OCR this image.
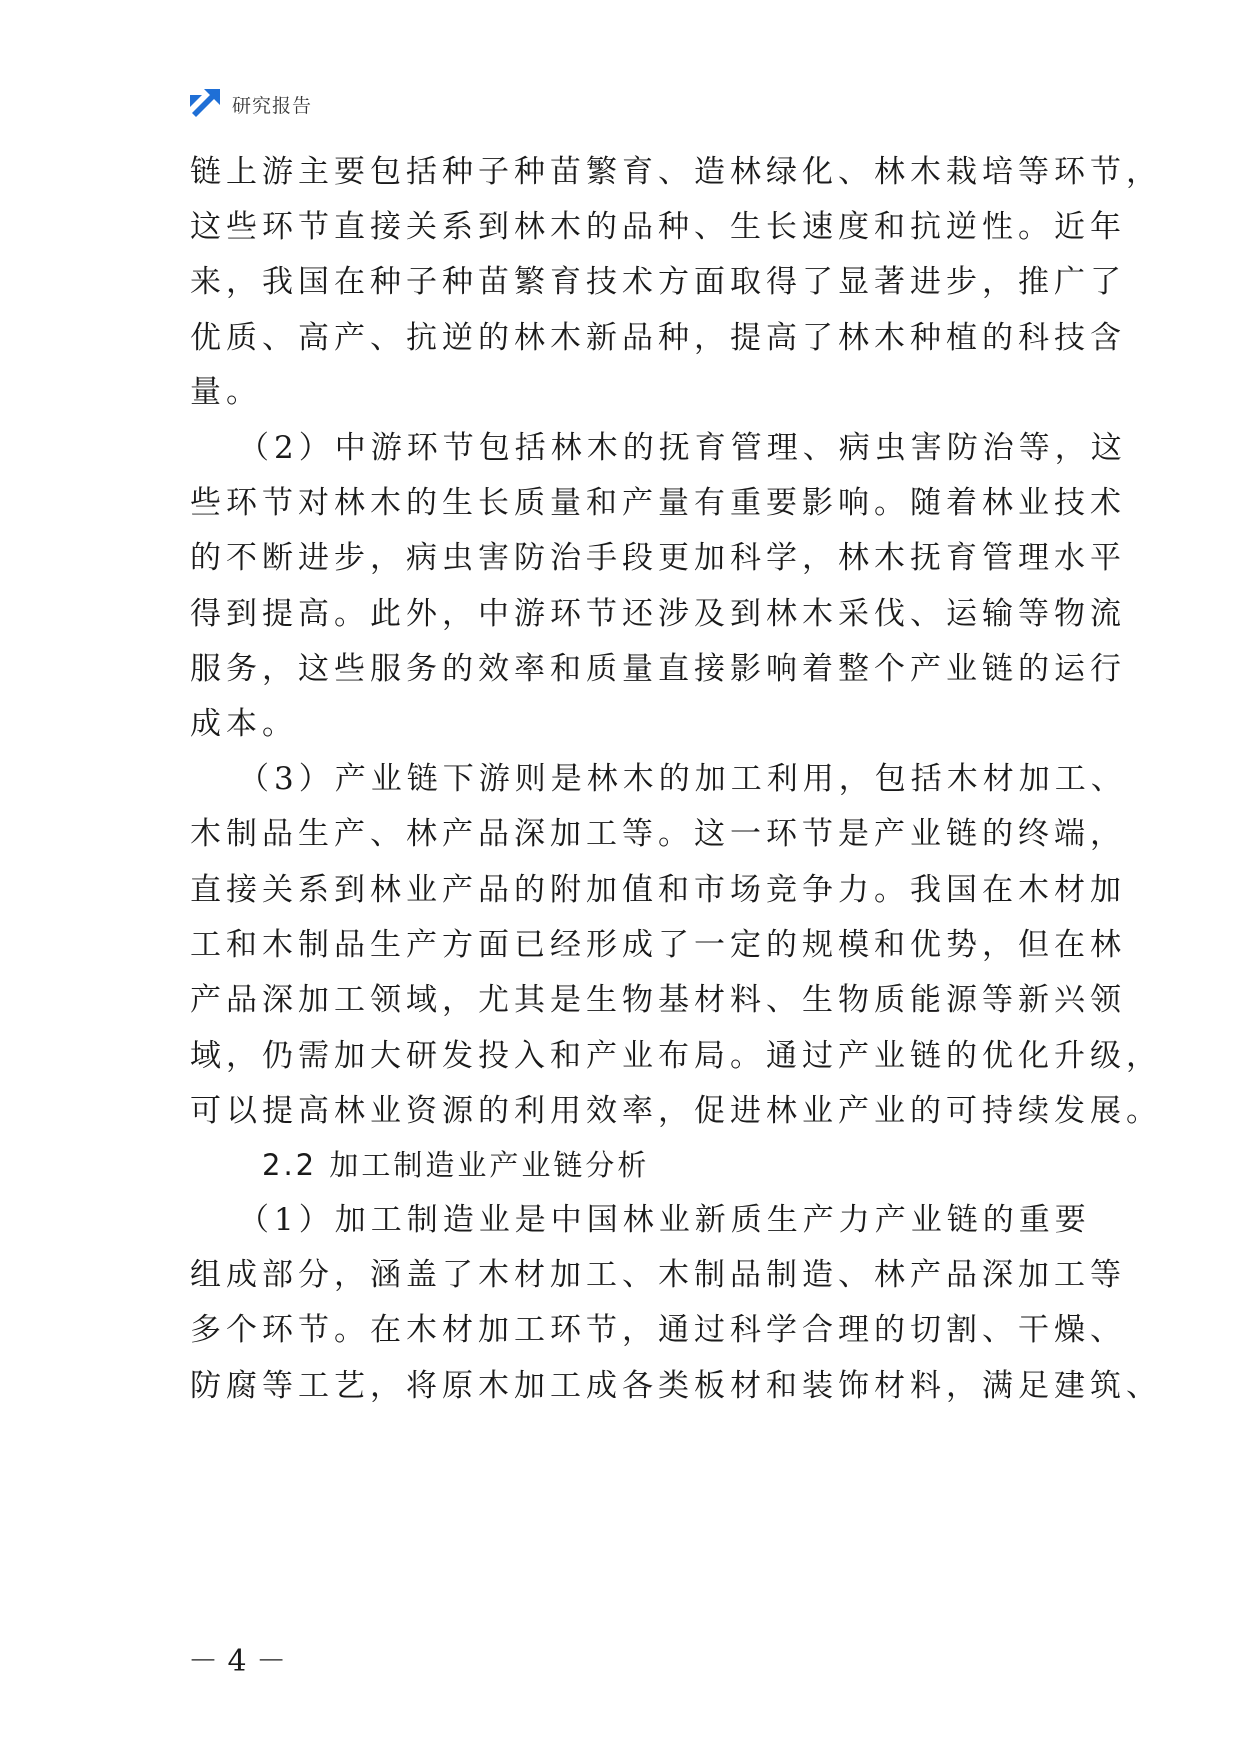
研究报告
链上游主要包括种子种苗繁育、造林绿化、林木栽培等环节，
这些环节直接关系到林木的品种、生长速度和抗逆性。近年
来，我国在种子种苗繁育技术方面取得了显著进步，推广了
优质、高产、抗逆的林木新品种，提高了林木种植的科技含
量。
（2）中游环节包括林木的抚育管理、病虫害防治等，这
些环节对林木的生长质量和产量有重要影响。随着林业技术
的不断进步，病虫害防治手段更加科学，林木抚育管理水平
得到提高。此外，中游环节还涉及到林木采伐、运输等物流
服务，这些服务的效率和质量直接影响着整个产业链的运行
成本。
（3）产业链下游则是林木的加工利用，包括木材加工、
木制品生产、林产品深加工等。这一环节是产业链的终端，
直接关系到林业产品的附加值和市场竞争力。我国在木材加
工和木制品生产方面已经形成了一定的规模和优势，但在林
产品深加工领域，尤其是生物基材料、生物质能源等新兴领
域，仍需加大研发投入和产业布局。通过产业链的优化升级，
可以提高林业资源的利用效率，促进林业产业的可持续发展。
2.2 加工制造业产业链分析
（1）加工制造业是中国林业新质生产力产业链的重要
组成部分，涵盖了木材加工、木制品制造、林产品深加工等
多个环节。在木材加工环节，通过科学合理的切割、干燥、
防腐等工艺，将原木加工成各类板材和装饰材料，满足建筑、
－ 4 －
